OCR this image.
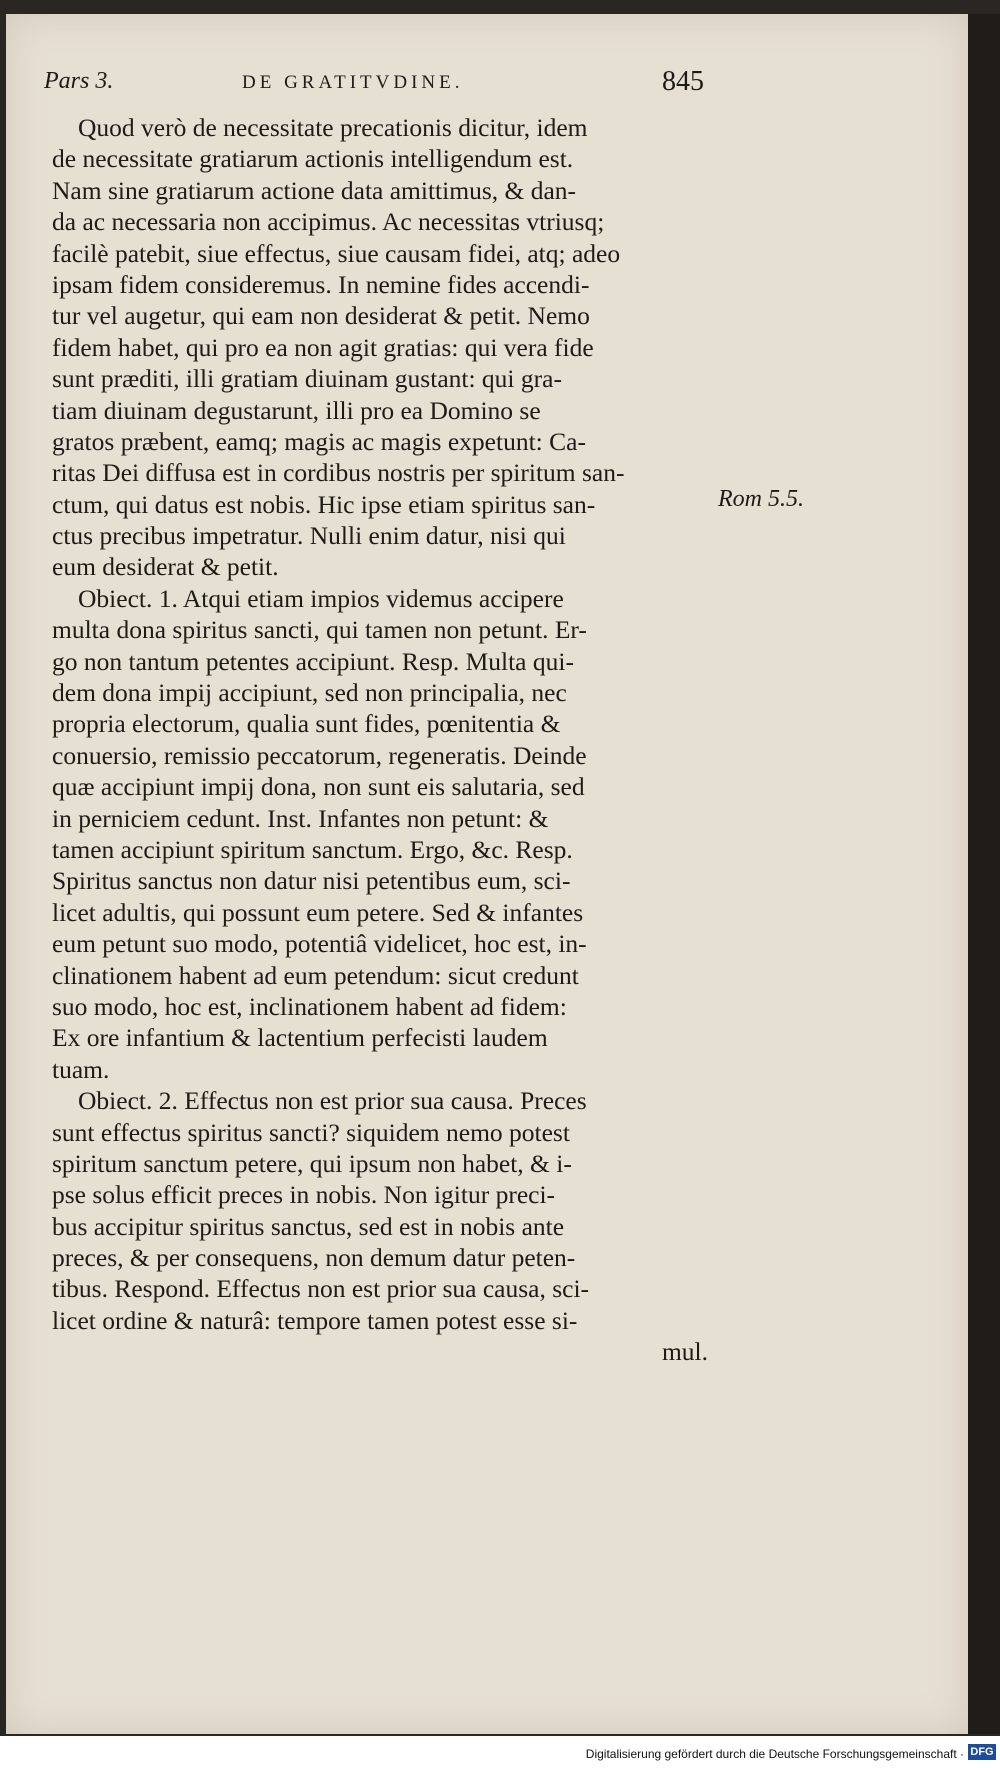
Pars 3.	DE GRATITVDINE.	845
Quod verò de necessitate precationis dicitur, idem
de necessitate gratiarum actionis intelligendum est.
Nam sine gratiarum actione data amittimus, & dan-
da ac necessaria non accipimus. Ac necessitas vtriusq;
facilè patebit, siue effectus, siue causam fidei, atq; adeo
ipsam fidem consideremus. In nemine fides accendi-
tur vel augetur, qui eam non desiderat & petit. Nemo
fidem habet, qui pro ea non agit gratias: qui vera fide
sunt præditi, illi gratiam diuinam gustant: qui gra-
tiam diuinam degustarunt, illi pro ea Domino se
gratos præbent, eamq; magis ac magis expetunt: Ca-
ritas Dei diffusa est in cordibus nostris per spiritum san-
ctum, qui datus est nobis. Hic ipse etiam spiritus san-
ctus precibus impetratur. Nulli enim datur, nisi qui
eum desiderat & petit.
Obiect. 1. Atqui etiam impios videmus accipere
multa dona spiritus sancti, qui tamen non petunt. Er-
go non tantum petentes accipiunt. Resp. Multa qui-
dem dona impij accipiunt, sed non principalia, nec
propria electorum, qualia sunt fides, pœnitentia &
conuersio, remissio peccatorum, regeneratis. Deinde
quæ accipiunt impij dona, non sunt eis salutaria, sed
in perniciem cedunt. Inst. Infantes non petunt: &
tamen accipiunt spiritum sanctum. Ergo, &c. Resp.
Spiritus sanctus non datur nisi petentibus eum, sci-
licet adultis, qui possunt eum petere. Sed & infantes
eum petunt suo modo, potentiâ videlicet, hoc est, in-
clinationem habent ad eum petendum: sicut credunt
suo modo, hoc est, inclinationem habent ad fidem:
Ex ore infantium & lactentium perfecisti laudem
tuam.
Obiect. 2. Effectus non est prior sua causa. Preces
sunt effectus spiritus sancti? siquidem nemo potest
spiritum sanctum petere, qui ipsum non habet, & i-
pse solus efficit preces in nobis. Non igitur preci-
bus accipitur spiritus sanctus, sed est in nobis ante
preces, & per consequens, non demum datur peten-
tibus. Respond. Effectus non est prior sua causa, sci-
licet ordine & naturâ: tempore tamen potest esse si-
mul.
Rom 5.5.
Digitalisierung gefördert durch die Deutsche Forschungsgemeinschaft · DFG
